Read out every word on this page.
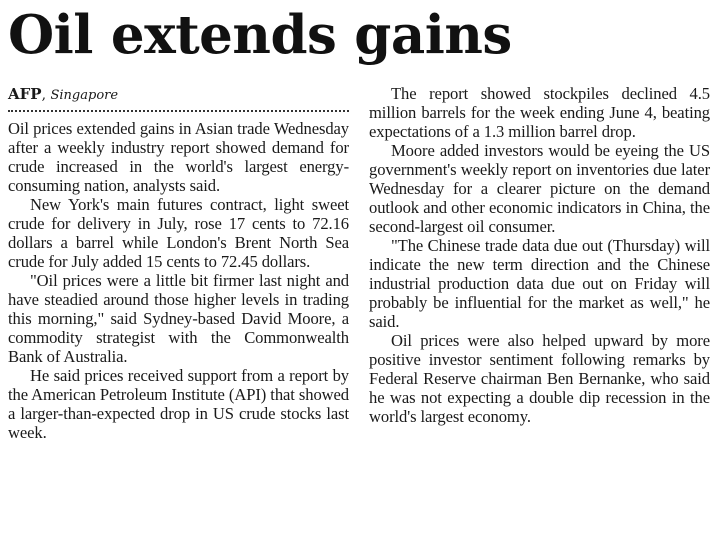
Oil extends gains
AFP, Singapore

Oil prices extended gains in Asian trade Wednesday after a weekly industry report showed demand for crude increased in the world's largest energy-consuming nation, analysts said.

New York's main futures contract, light sweet crude for delivery in July, rose 17 cents to 72.16 dollars a barrel while London's Brent North Sea crude for July added 15 cents to 72.45 dollars.

"Oil prices were a little bit firmer last night and have steadied around those higher levels in trading this morning," said Sydney-based David Moore, a commodity strategist with the Commonwealth Bank of Australia.

He said prices received support from a report by the American Petroleum Institute (API) that showed a larger-than-expected drop in US crude stocks last week.

The report showed stockpiles declined 4.5 million barrels for the week ending June 4, beating expectations of a 1.3 million barrel drop.

Moore added investors would be eyeing the US government's weekly report on inventories due later Wednesday for a clearer picture on the demand outlook and other economic indicators in China, the second-largest oil consumer.

"The Chinese trade data due out (Thursday) will indicate the new term direction and the Chinese industrial production data due out on Friday will probably be influential for the market as well," he said.

Oil prices were also helped upward by more positive investor sentiment following remarks by Federal Reserve chairman Ben Bernanke, who said he was not expecting a double dip recession in the world's largest economy.
